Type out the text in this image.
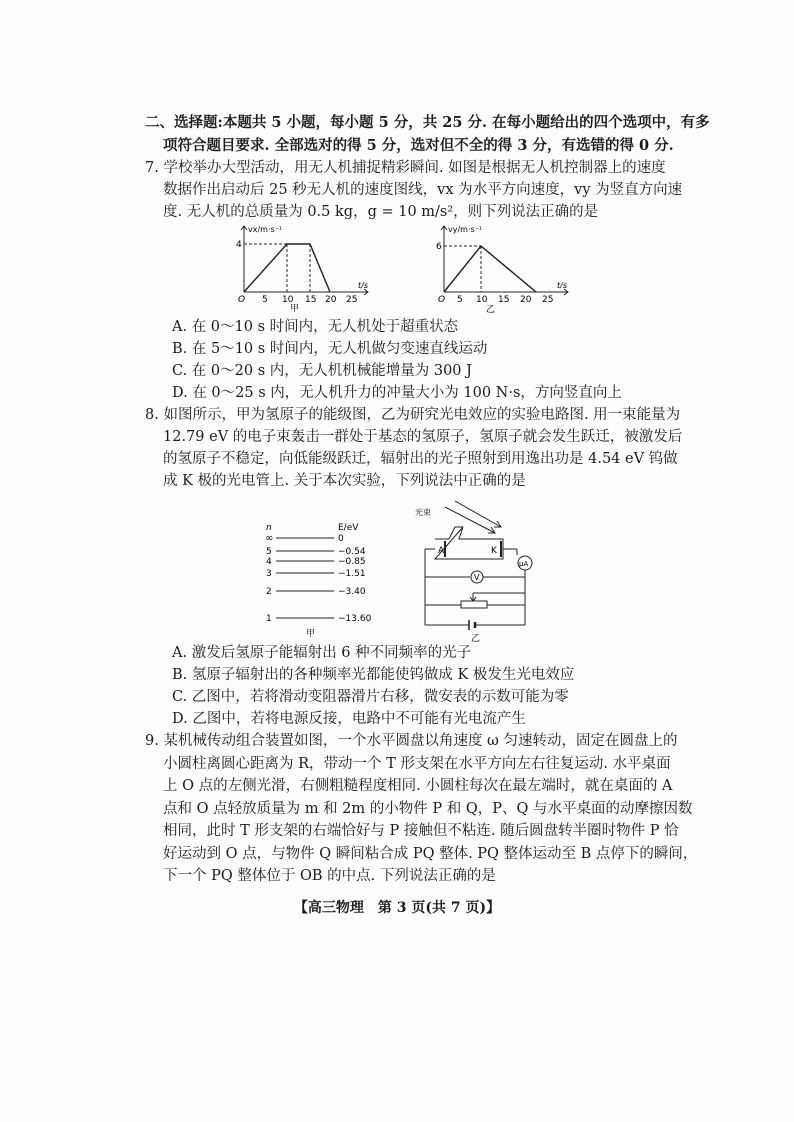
二、选择题:本题共 5 小题，每小题 5 分，共 25 分. 在每小题给出的四个选项中，有多
项符合题目要求. 全部选对的得 5 分，选对但不全的得 3 分，有选错的得 0 分.
7. 学校举办大型活动，用无人机捕捉精彩瞬间. 如图是根据无人机控制器上的速度
数据作出启动后 25 秒无人机的速度图线，vx 为水平方向速度，vy 为竖直方向速
度. 无人机的总质量为 0.5 kg，g = 10 m/s²，则下列说法正确的是
vx/m·s⁻¹
4
O 5 10 15 20 25
t/s
甲
vy/m·s⁻¹
6
O 5 10 15 20 25
t/s
乙
A. 在 0～10 s 时间内，无人机处于超重状态
B. 在 5～10 s 时间内，无人机做匀变速直线运动
C. 在 0～20 s 内，无人机机械能增量为 300 J
D. 在 0～25 s 内，无人机升力的冲量大小为 100 N·s，方向竖直向上
8. 如图所示，甲为氢原子的能级图，乙为研究光电效应的实验电路图. 用一束能量为
12.79 eV 的电子束轰击一群处于基态的氢原子，氢原子就会发生跃迁，被激发后
的氢原子不稳定，向低能级跃迁，辐射出的光子照射到用逸出功是 4.54 eV 钨做
成 K 极的光电管上. 关于本次实验，下列说法中正确的是
n	E/eV
∞	0
5	−0.54
4	−0.85
3	−1.51
2	−3.40
1	−13.60
甲
光束
A	K
V
μA
乙
A. 激发后氢原子能辐射出 6 种不同频率的光子
B. 氢原子辐射出的各种频率光都能使钨做成 K 极发生光电效应
C. 乙图中，若将滑动变阻器滑片右移，微安表的示数可能为零
D. 乙图中，若将电源反接，电路中不可能有光电流产生
9. 某机械传动组合装置如图，一个水平圆盘以角速度 ω 匀速转动，固定在圆盘上的
小圆柱离圆心距离为 R，带动一个 T 形支架在水平方向左右往复运动. 水平桌面
上 O 点的左侧光滑，右侧粗糙程度相同. 小圆柱每次在最左端时，就在桌面的 A
点和 O 点轻放质量为 m 和 2m 的小物件 P 和 Q，P、Q 与水平桌面的动摩擦因数
相同，此时 T 形支架的右端恰好与 P 接触但不粘连. 随后圆盘转半圈时物件 P 恰
好运动到 O 点，与物件 Q 瞬间粘合成 PQ 整体. PQ 整体运动至 B 点停下的瞬间，
下一个 PQ 整体位于 OB 的中点. 下列说法正确的是
【高三物理　第 3 页(共 7 页)】
